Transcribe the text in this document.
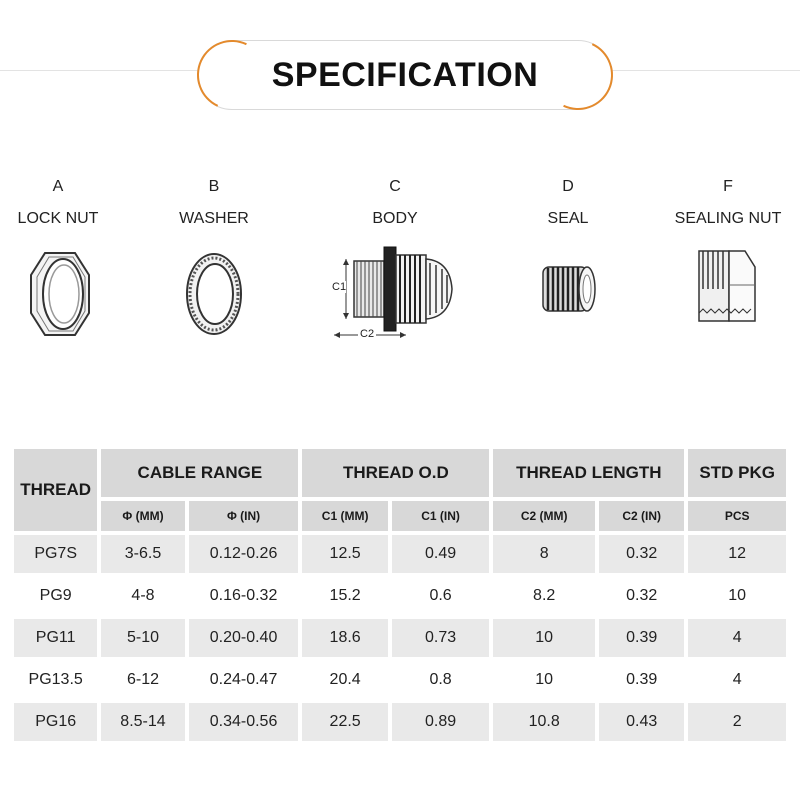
SPECIFICATION
A
LOCK NUT
B
WASHER
C
BODY
C1
C2
D
SEAL
F
SEALING NUT
THREAD	CABLE RANGE		THREAD O.D		THREAD LENGTH		STD PKG
	Φ (MM)	Φ (IN)	C1 (MM)	C1 (IN)	C2 (MM)	C2 (IN)	PCS
PG7S	3-6.5	0.12-0.26	12.5	0.49	8	0.32	12
PG9	4-8	0.16-0.32	15.2	0.6	8.2	0.32	10
PG11	5-10	0.20-0.40	18.6	0.73	10	0.39	4
PG13.5	6-12	0.24-0.47	20.4	0.8	10	0.39	4
PG16	8.5-14	0.34-0.56	22.5	0.89	10.8	0.43	2
